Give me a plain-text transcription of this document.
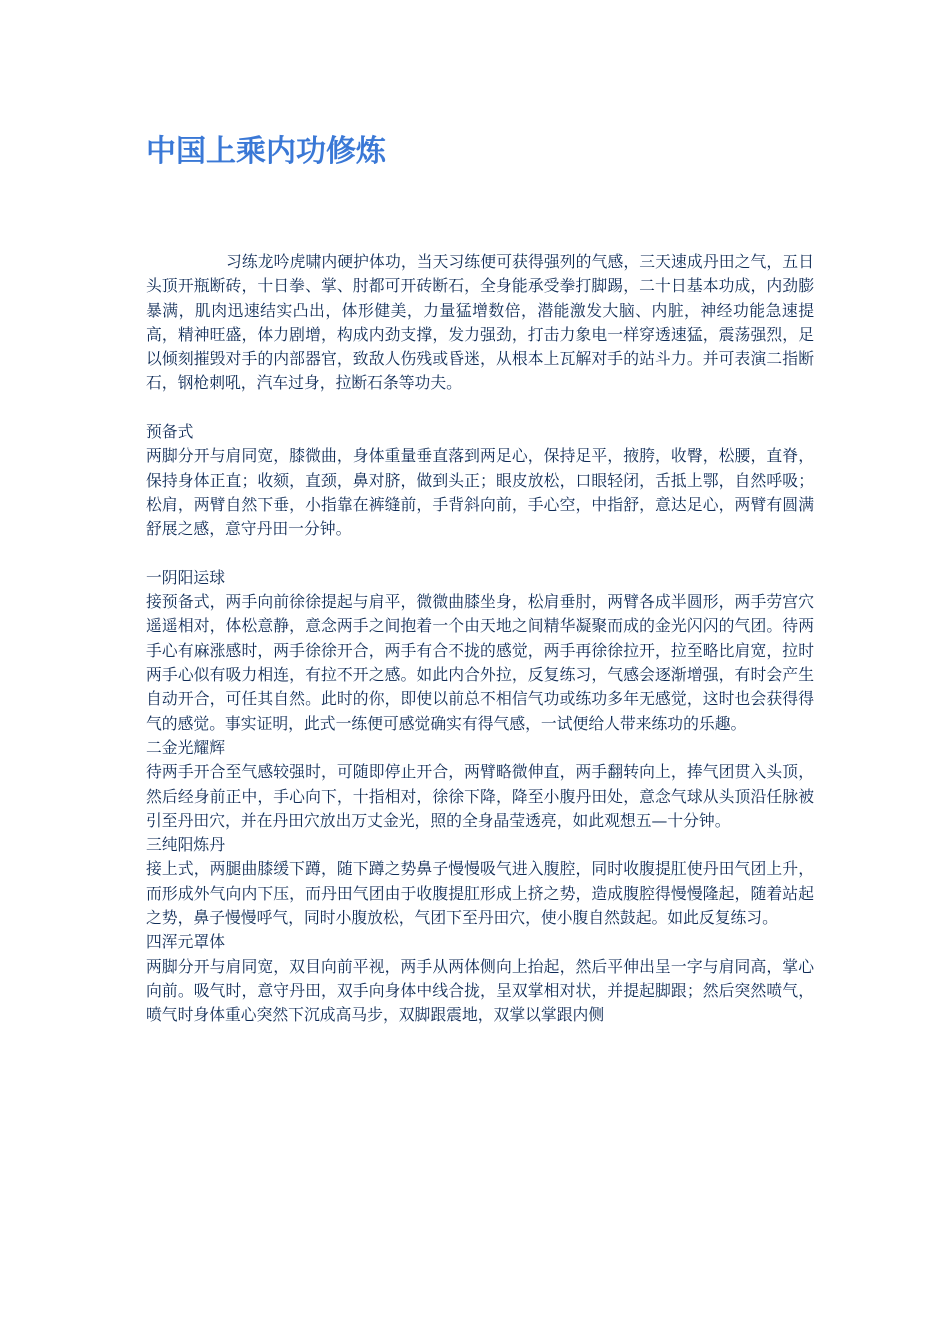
中国上乘内功修炼

习练龙吟虎啸内硬护体功，当天习练便可获得强列的气感，三天速成丹田之气，五日头顶开瓶断砖，十日拳、掌、肘都可开砖断石，全身能承受拳打脚踢，二十日基本功成，内劲膨暴满，肌肉迅速结实凸出，体形健美，力量猛增数倍，潜能激发大脑、内脏，神经功能急速提高，精神旺盛，体力剧增，构成内劲支撑，发力强劲，打击力象电一样穿透速猛，震荡强烈，足以倾刻摧毁对手的内部器官，致敌人伤残或昏迷，从根本上瓦解对手的站斗力。并可表演二指断石，钢枪刺吼，汽车过身，拉断石条等功夫。

预备式

两脚分开与肩同宽，膝微曲，身体重量垂直落到两足心，保持足平，掖胯，收臀，松腰，直脊，保持身体正直；收颏，直颈，鼻对脐，做到头正；眼皮放松，口眼轻闭，舌抵上鄂，自然呼吸；松肩，两臂自然下垂，小指靠在裤缝前，手背斜向前，手心空，中指舒，意达足心，两臂有圆满舒展之感，意守丹田一分钟。

一阴阳运球

接预备式，两手向前徐徐提起与肩平，微微曲膝坐身，松肩垂肘，两臂各成半圆形，两手劳宫穴遥遥相对，体松意静，意念两手之间抱着一个由天地之间精华凝聚而成的金光闪闪的气团。待两手心有麻涨感时，两手徐徐开合，两手有合不拢的感觉，两手再徐徐拉开，拉至略比肩宽，拉时两手心似有吸力相连，有拉不开之感。如此内合外拉，反复练习，气感会逐渐增强，有时会产生自动开合，可任其自然。此时的你，即使以前总不相信气功或练功多年无感觉，这时也会获得得气的感觉。事实证明，此式一练便可感觉确实有得气感，一试便给人带来练功的乐趣。

二金光耀辉

待两手开合至气感较强时，可随即停止开合，两臂略微伸直，两手翻转向上，捧气团贯入头顶，然后经身前正中，手心向下，十指相对，徐徐下降，降至小腹丹田处，意念气球从头顶沿任脉被引至丹田穴，并在丹田穴放出万丈金光，照的全身晶莹透亮，如此观想五—十分钟。

三纯阳炼丹

接上式，两腿曲膝缓下蹲，随下蹲之势鼻子慢慢吸气进入腹腔，同时收腹提肛使丹田气团上升，而形成外气向内下压，而丹田气团由于收腹提肛形成上挤之势，造成腹腔得慢慢隆起，随着站起之势，鼻子慢慢呼气，同时小腹放松，气团下至丹田穴，使小腹自然鼓起。如此反复练习。

四浑元罩体

两脚分开与肩同宽，双目向前平视，两手从两体侧向上抬起，然后平伸出呈一字与肩同高，掌心向前。吸气时，意守丹田，双手向身体中线合拢，呈双掌相对状，并提起脚跟；然后突然喷气，喷气时身体重心突然下沉成高马步，双脚跟震地，双掌以掌跟内侧
